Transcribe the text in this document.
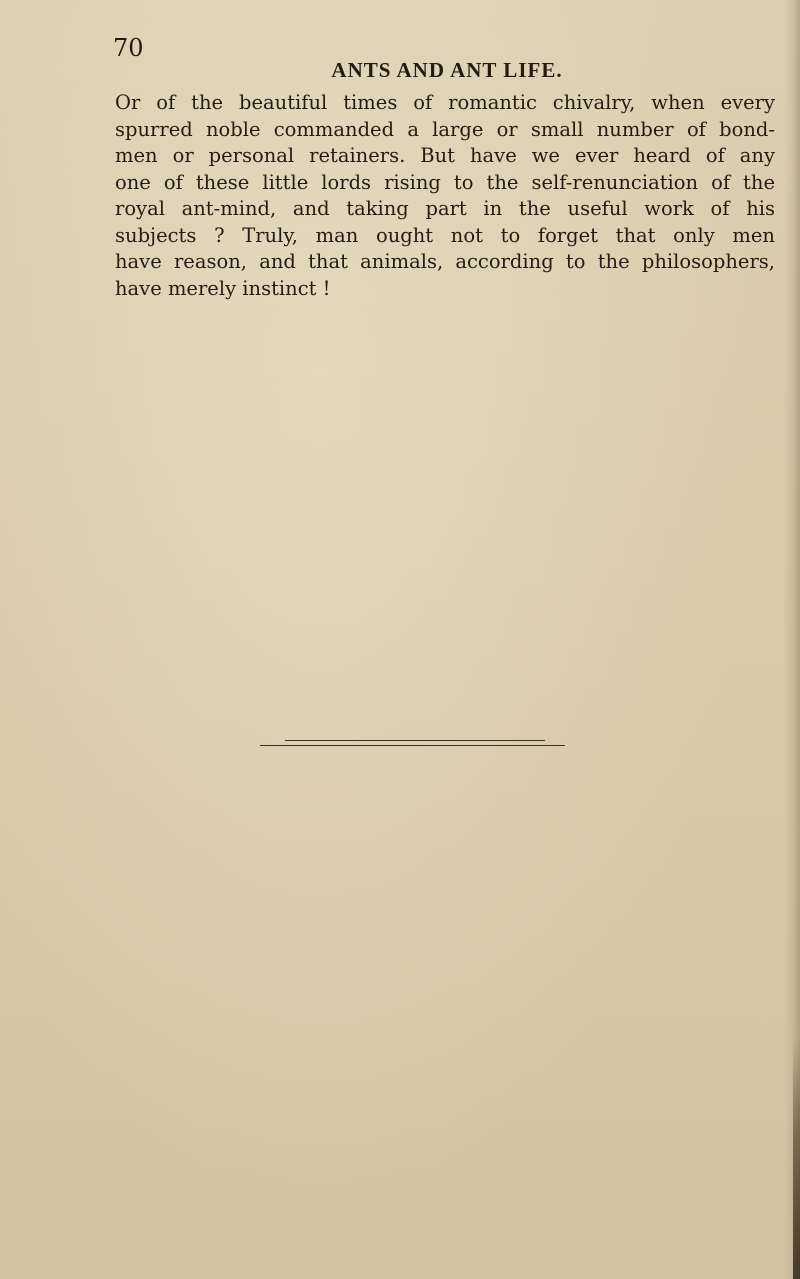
70
ANTS AND ANT LIFE.
Or of the beautiful times of romantic chivalry, when every
spurred noble commanded a large or small number of bond-
men or personal retainers. But have we ever heard of any
one of these little lords rising to the self-renunciation of the
royal ant-mind, and taking part in the useful work of his
subjects ? Truly, man ought not to forget that only men
have reason, and that animals, according to the philosophers,
have merely instinct !
